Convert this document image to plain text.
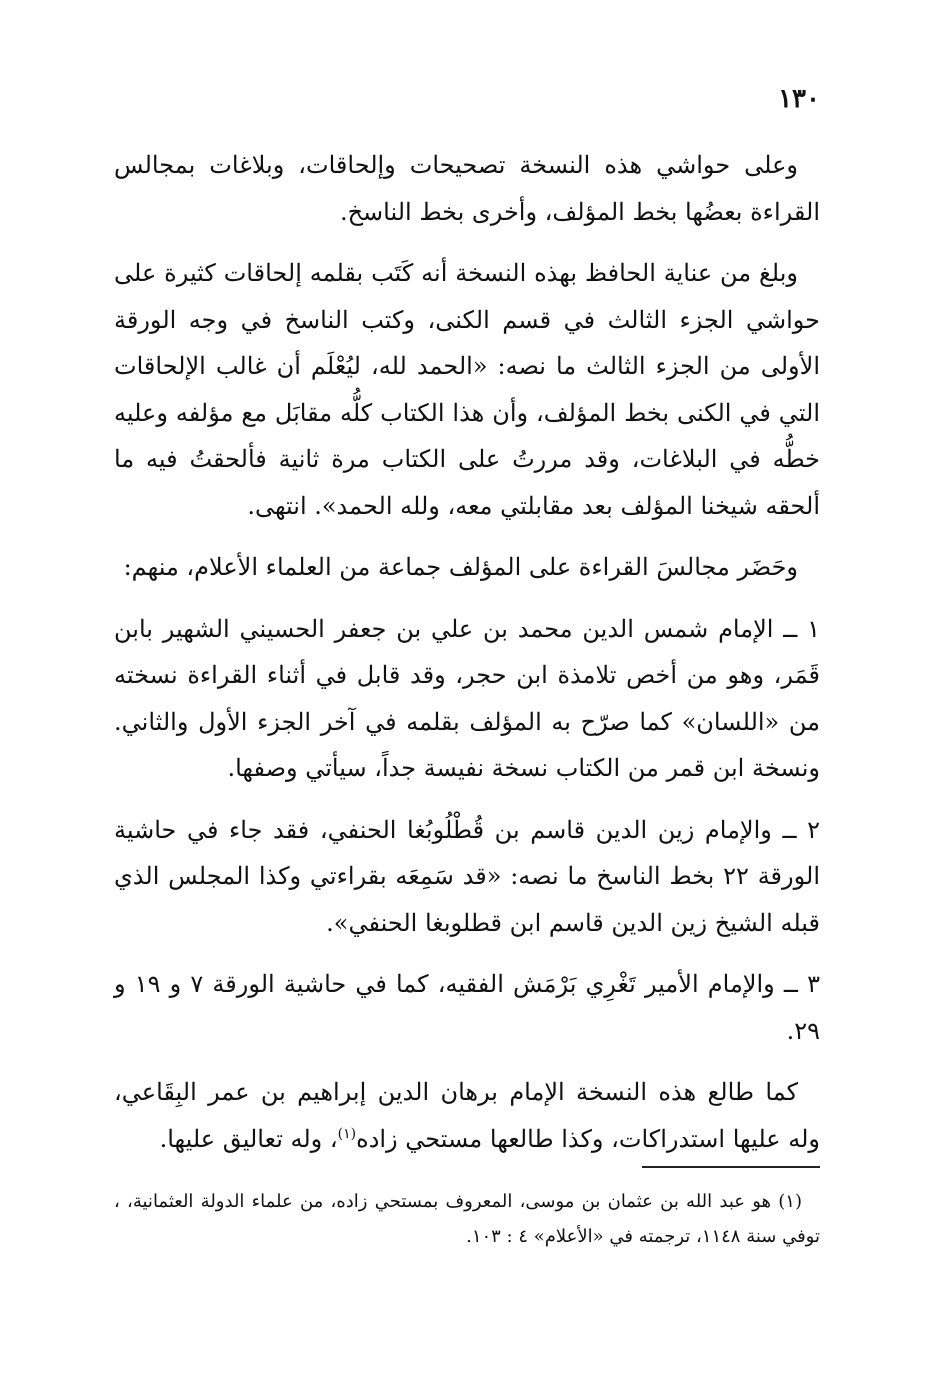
١٣٠

وعلى حواشي هذه النسخة تصحيحات وإلحاقات، وبلاغات بمجالس القراءة بعضُها بخط المؤلف، وأخرى بخط الناسخ.

وبلغ من عناية الحافظ بهذه النسخة أنه كَتَب بقلمه إلحاقات كثيرة على حواشي الجزء الثالث في قسم الكنى، وكتب الناسخ في وجه الورقة الأولى من الجزء الثالث ما نصه: «الحمد لله، ليُعْلَم أن غالب الإلحاقات التي في الكنى بخط المؤلف، وأن هذا الكتاب كلُّه مقابَل مع مؤلفه وعليه خطُّه في البلاغات، وقد مررتُ على الكتاب مرة ثانية فألحقتُ فيه ما ألحقه شيخنا المؤلف بعد مقابلتي معه، ولله الحمد». انتهى.

وحَضَر مجالسَ القراءة على المؤلف جماعة من العلماء الأعلام، منهم:

١ ــ الإمام شمس الدين محمد بن علي بن جعفر الحسيني الشهير بابن قَمَر، وهو من أخص تلامذة ابن حجر، وقد قابل في أثناء القراءة نسخته من «اللسان» كما صرّح به المؤلف بقلمه في آخر الجزء الأول والثاني. ونسخة ابن قمر من الكتاب نسخة نفيسة جداً، سيأتي وصفها.

٢ ــ والإمام زين الدين قاسم بن قُطْلُوبُغا الحنفي، فقد جاء في حاشية الورقة ٢٢ بخط الناسخ ما نصه: «قد سَمِعَه بقراءتي وكذا المجلس الذي قبله الشيخ زين الدين قاسم ابن قطلوبغا الحنفي».

٣ ــ والإمام الأمير تَغْرِي بَرْمَش الفقيه، كما في حاشية الورقة ٧ و ١٩ و ٢٩.

كما طالع هذه النسخة الإمام برهان الدين إبراهيم بن عمر البِقَاعي، وله عليها استدراكات، وكذا طالعها مستحي زاده$^{(١)}$، وله تعاليق عليها.

(١) هو عبد الله بن عثمان بن موسى، المعروف بمستحي زاده، من علماء الدولة العثمانية، ، توفي سنة ١١٤٨، ترجمته في «الأعلام» ٤ : ١٠٣.
